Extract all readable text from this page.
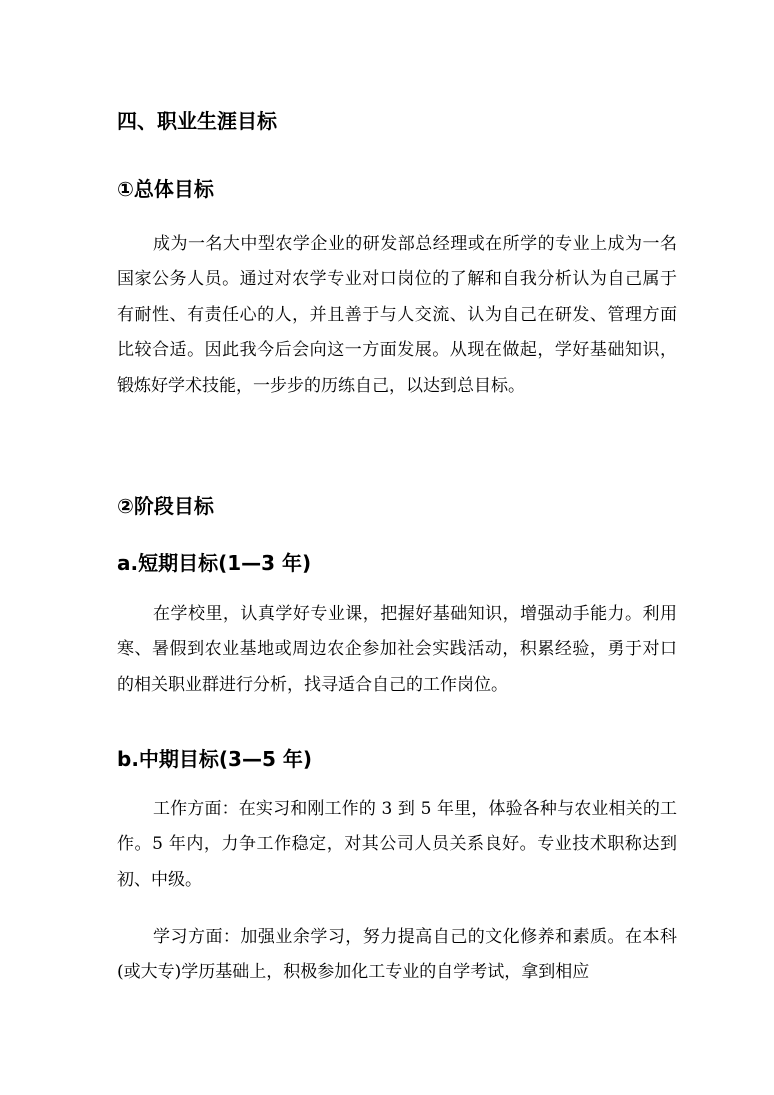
四、职业生涯目标
①总体目标

成为一名大中型农学企业的研发部总经理或在所学的专业上成为一名国家公务人员。通过对农学专业对口岗位的了解和自我分析认为自己属于有耐性、有责任心的人，并且善于与人交流、认为自己在研发、管理方面比较合适。因此我今后会向这一方面发展。从现在做起，学好基础知识，锻炼好学术技能，一步步的历练自己，以达到总目标。

②阶段目标
a.短期目标(1—3 年)

在学校里，认真学好专业课，把握好基础知识，增强动手能力。利用寒、暑假到农业基地或周边农企参加社会实践活动，积累经验，勇于对口的相关职业群进行分析，找寻适合自己的工作岗位。

b.中期目标(3—5 年)

工作方面：在实习和刚工作的 3 到 5 年里，体验各种与农业相关的工作。5 年内，力争工作稳定，对其公司人员关系良好。专业技术职称达到初、中级。

学习方面：加强业余学习，努力提高自己的文化修养和素质。在本科(或大专)学历基础上，积极参加化工专业的自学考试，拿到相应
